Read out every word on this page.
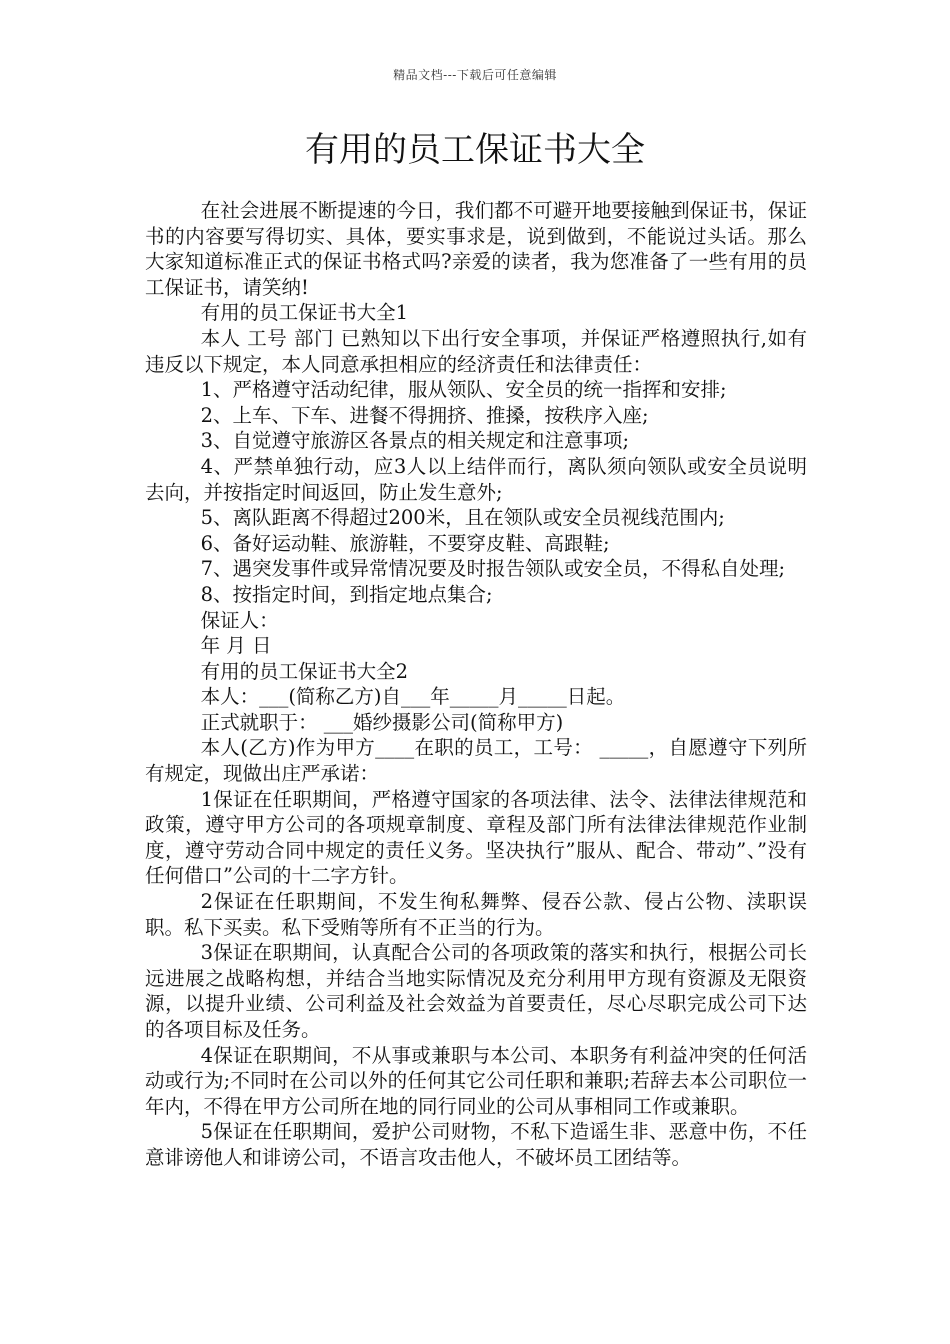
精品文档---下载后可任意编辑
有用的员工保证书大全

在社会进展不断提速的今日，我们都不可避开地要接触到保证书，保证书的内容要写得切实、具体，要实事求是，说到做到，不能说过头话。那么大家知道标准正式的保证书格式吗?亲爱的读者，我为您准备了一些有用的员工保证书，请笑纳!

有用的员工保证书大全1

本人 工号 部门 已熟知以下出行安全事项，并保证严格遵照执行,如有违反以下规定，本人同意承担相应的经济责任和法律责任：

1、严格遵守活动纪律，服从领队、安全员的统一指挥和安排;

2、上车、下车、进餐不得拥挤、推搡，按秩序入座;

3、自觉遵守旅游区各景点的相关规定和注意事项;

4、严禁单独行动，应3人以上结伴而行，离队须向领队或安全员说明去向，并按指定时间返回，防止发生意外;

5、离队距离不得超过200米，且在领队或安全员视线范围内;

6、备好运动鞋、旅游鞋，不要穿皮鞋、高跟鞋;

7、遇突发事件或异常情况要及时报告领队或安全员，不得私自处理;

8、按指定时间，到指定地点集合;

保证人：

年 月 日

有用的员工保证书大全2

本人：___(简称乙方)自___年_____月_____日起。

正式就职于： ___婚纱摄影公司(简称甲方)

本人(乙方)作为甲方____在职的员工，工号： _____，自愿遵守下列所有规定，现做出庄严承诺：

1保证在任职期间，严格遵守国家的各项法律、法令、法律法律规范和政策，遵守甲方公司的各项规章制度、章程及部门所有法律法律规范作业制度，遵守劳动合同中规定的责任义务。坚决执行”服从、配合、带动”、”没有任何借口”公司的十二字方针。

2保证在任职期间，不发生徇私舞弊、侵吞公款、侵占公物、渎职误职。私下买卖。私下受贿等所有不正当的行为。

3保证在职期间，认真配合公司的各项政策的落实和执行，根据公司长远进展之战略构想，并结合当地实际情况及充分利用甲方现有资源及无限资源，以提升业绩、公司利益及社会效益为首要责任，尽心尽职完成公司下达的各项目标及任务。

4保证在职期间，不从事或兼职与本公司、本职务有利益冲突的任何活动或行为;不同时在公司以外的任何其它公司任职和兼职;若辞去本公司职位一年内，不得在甲方公司所在地的同行同业的公司从事相同工作或兼职。

5保证在任职期间，爱护公司财物，不私下造谣生非、恶意中伤，不任意诽谤他人和诽谤公司，不语言攻击他人，不破坏员工团结等。
